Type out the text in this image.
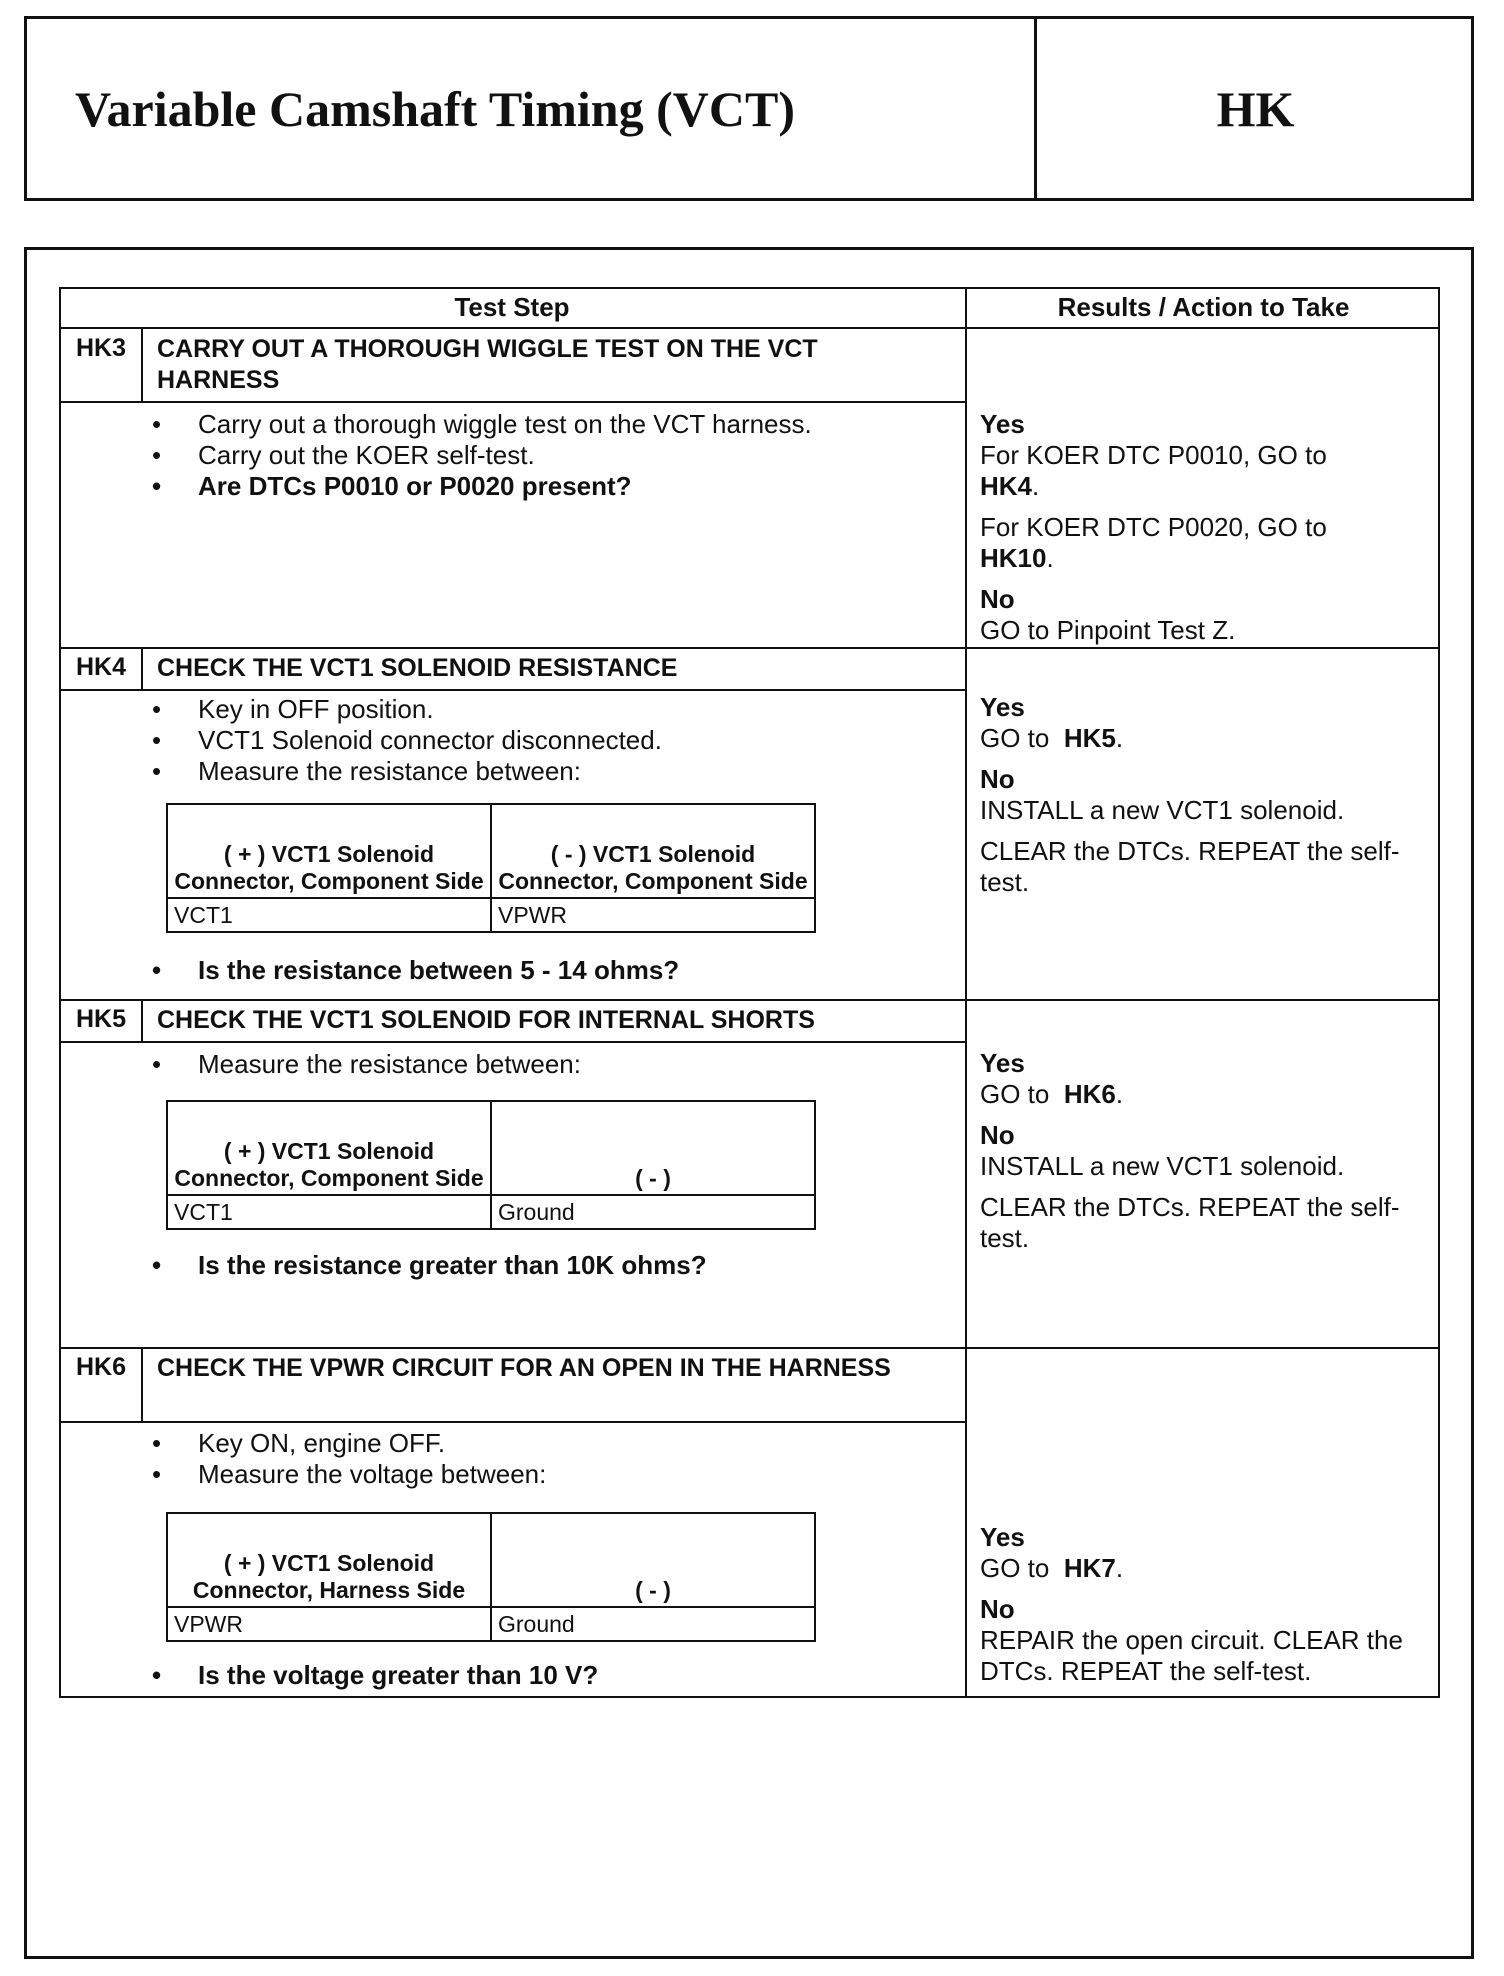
Variable Camshaft Timing (VCT)	HK
Test Step	Results / Action to Take
HK3	CARRY OUT A THOROUGH WIGGLE TEST ON THE VCT HARNESS
• Carry out a thorough wiggle test on the VCT harness.
• Carry out the KOER self-test.
• Are DTCs P0010 or P0020 present?

Yes

For KOER DTC P0010, GO to
HK4.

For KOER DTC P0020, GO to
HK10.

No

GO to Pinpoint Test Z.

HK4	CHECK THE VCT1 SOLENOID RESISTANCE
• Key in OFF position.
• VCT1 Solenoid connector disconnected.
• Measure the resistance between:
( + ) VCT1 Solenoid Connector, Component Side	( - ) VCT1 Solenoid Connector, Component Side
VCT1	VPWR
• Is the resistance between 5 - 14 ohms?

Yes

GO to HK5.

No

INSTALL a new VCT1 solenoid.

CLEAR the DTCs. REPEAT the self-test.

HK5	CHECK THE VCT1 SOLENOID FOR INTERNAL SHORTS
• Measure the resistance between:
( + ) VCT1 Solenoid Connector, Component Side	( - )
VCT1	Ground
• Is the resistance greater than 10K ohms?

Yes

GO to HK6.

No

INSTALL a new VCT1 solenoid.

CLEAR the DTCs. REPEAT the self-test.

HK6	CHECK THE VPWR CIRCUIT FOR AN OPEN IN THE HARNESS
• Key ON, engine OFF.
• Measure the voltage between:
( + ) VCT1 Solenoid Connector, Harness Side	( - )
VPWR	Ground
• Is the voltage greater than 10 V?

Yes

GO to HK7.

No

REPAIR the open circuit. CLEAR the DTCs. REPEAT the self-test.
